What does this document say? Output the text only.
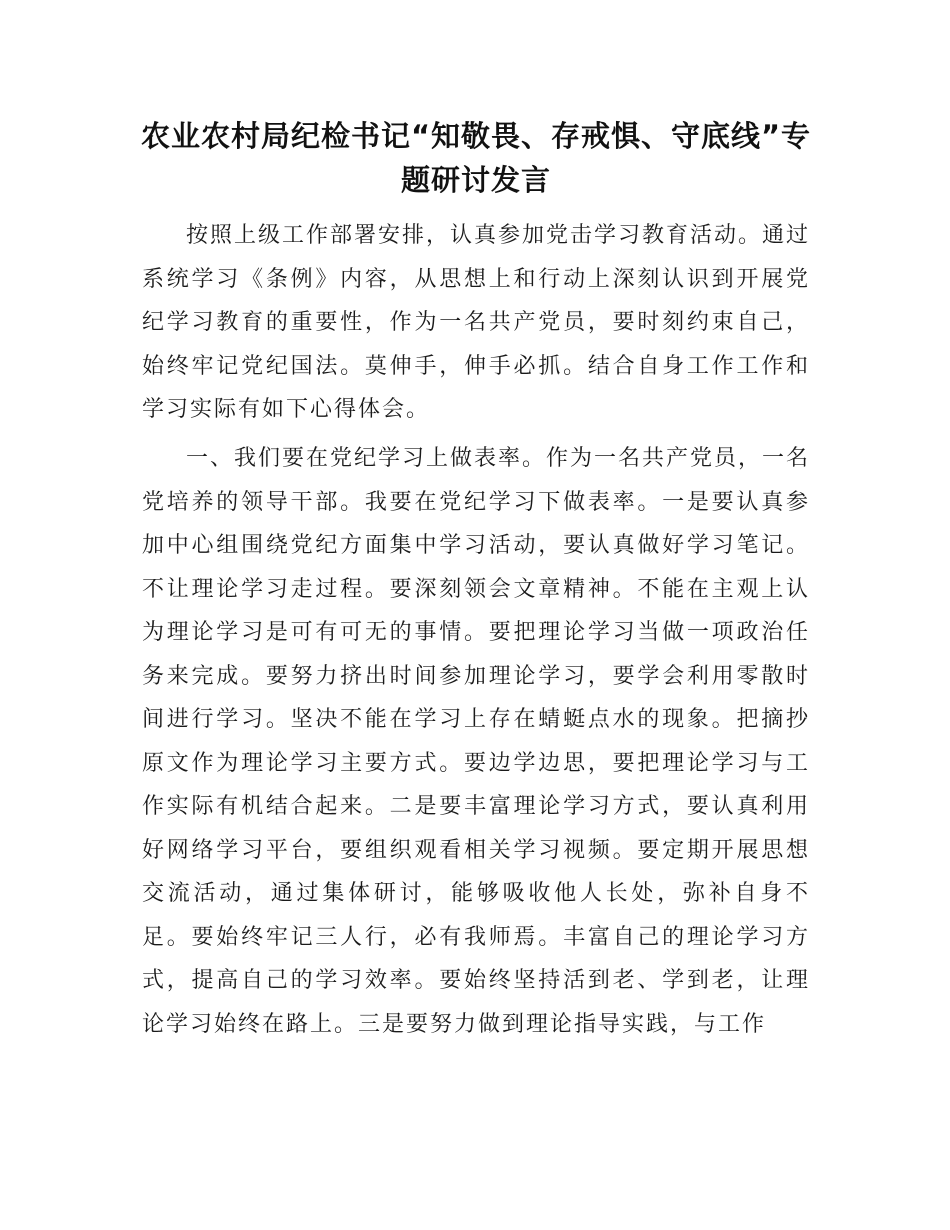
农业农村局纪检书记“知敬畏、存戒惧、守底线”专题研讨发言

按照上级工作部署安排，认真参加党击学习教育活动。通过系统学习《条例》内容，从思想上和行动上深刻认识到开展党纪学习教育的重要性，作为一名共产党员，要时刻约束自己，始终牢记党纪国法。莫伸手，伸手必抓。结合自身工作工作和学习实际有如下心得体会。

一、我们要在党纪学习上做表率。作为一名共产党员，一名党培养的领导干部。我要在党纪学习下做表率。一是要认真参加中心组围绕党纪方面集中学习活动，要认真做好学习笔记。不让理论学习走过程。要深刻领会文章精神。不能在主观上认为理论学习是可有可无的事情。要把理论学习当做一项政治任务来完成。要努力挤出时间参加理论学习，要学会利用零散时间进行学习。坚决不能在学习上存在蜻蜓点水的现象。把摘抄原文作为理论学习主要方式。要边学边思，要把理论学习与工作实际有机结合起来。二是要丰富理论学习方式，要认真利用好网络学习平台，要组织观看相关学习视频。要定期开展思想交流活动，通过集体研讨，能够吸收他人长处，弥补自身不足。要始终牢记三人行，必有我师焉。丰富自己的理论学习方式，提高自己的学习效率。要始终坚持活到老、学到老，让理论学习始终在路上。三是要努力做到理论指导实践，与工作
